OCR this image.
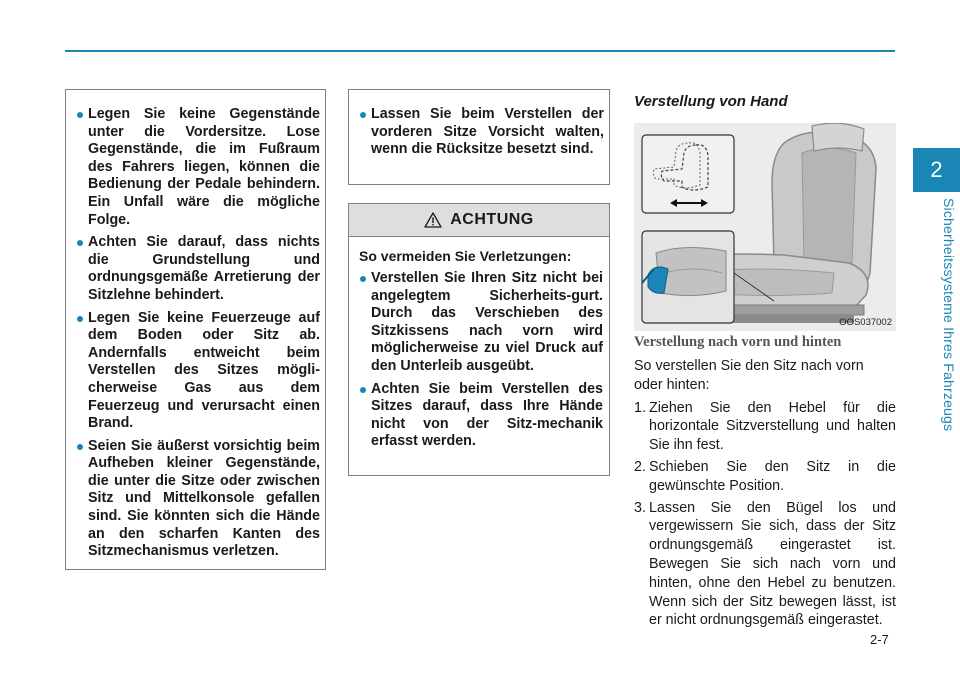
2
Sicherheitssysteme Ihres Fahrzeugs
Legen Sie keine Gegenstände unter die Vordersitze. Lose Gegenstände, die im Fußraum des Fahrers liegen, können die Bedienung der Pedale behindern. Ein Unfall wäre die mögliche Folge.
Achten Sie darauf, dass nichts die Grundstellung und ordnungsgemäße Arretierung der Sitzlehne behindert.
Legen Sie keine Feuerzeuge auf dem Boden oder Sitz ab. Andernfalls entweicht beim Verstellen des Sitzes mögli-cherweise Gas aus dem Feuerzeug und verursacht einen Brand.
Seien Sie äußerst vorsichtig beim Aufheben kleiner Gegenstände, die unter die Sitze oder zwischen Sitz und Mittelkonsole gefallen sind. Sie könnten sich die Hände an den scharfen Kanten des Sitzmechanismus verletzen.
Lassen Sie beim Verstellen der vorderen Sitze Vorsicht walten, wenn die Rücksitze besetzt sind.
ACHTUNG
So vermeiden Sie Verletzungen:
Verstellen Sie Ihren Sitz nicht bei angelegtem Sicherheits-gurt. Durch das Verschieben des Sitzkissens nach vorn wird möglicherweise zu viel Druck auf den Unterleib ausgeübt.
Achten Sie beim Verstellen des Sitzes darauf, dass Ihre Hände nicht von der Sitz-mechanik erfasst werden.
Verstellung von Hand
OOS037002
Verstellung nach vorn und hinten

So verstellen Sie den Sitz nach vorn oder hinten:

1. Ziehen Sie den Hebel für die horizontale Sitzverstellung und halten Sie ihn fest.
2. Schieben Sie den Sitz in die gewünschte Position.
3. Lassen Sie den Bügel los und vergewissern Sie sich, dass der Sitz ordnungsgemäß eingerastet ist. Bewegen Sie sich nach vorn und hinten, ohne den Hebel zu benutzen. Wenn sich der Sitz bewegen lässt, ist er nicht ordnungsgemäß eingerastet.
2-7
